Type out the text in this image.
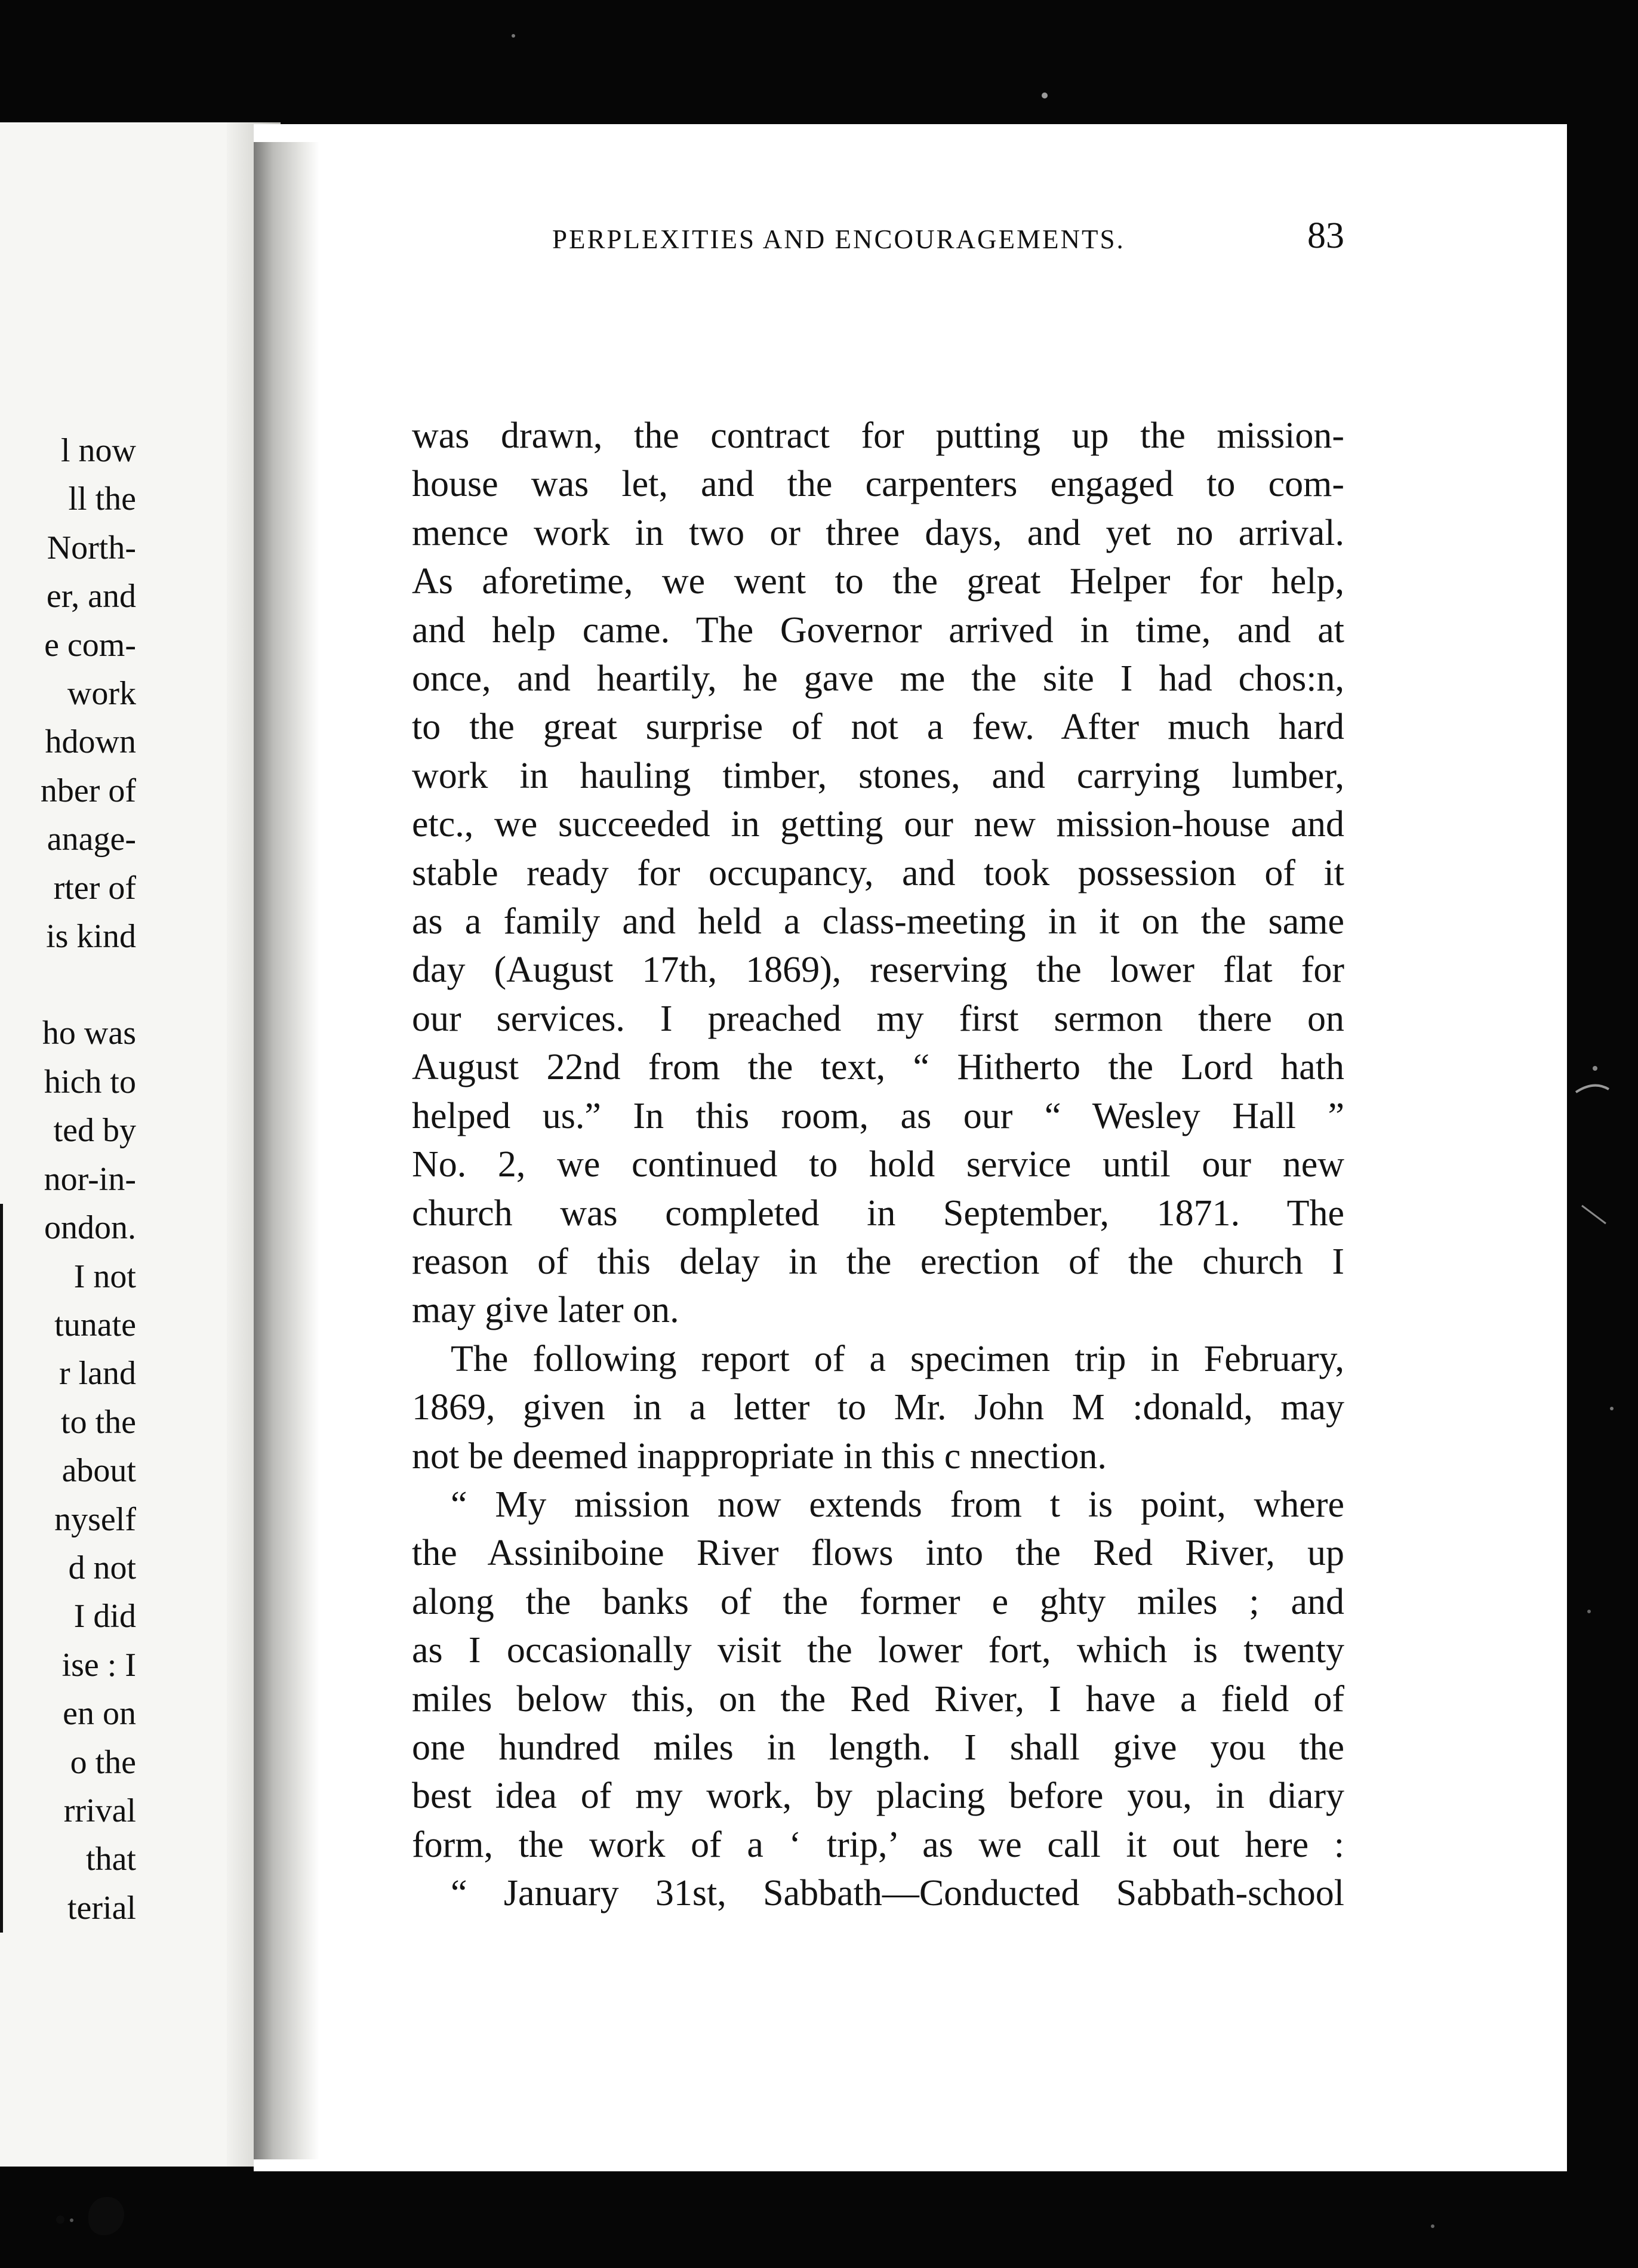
l now
ll the
North-
er, and
e com-
work
hdown
nber of
anage-
rter of
is kind
ho was
hich to
ted by
nor-in-
ondon.
I not
tunate
r land
to the
about
nyself
d not
I did
ise : I
en on
o the
rrival
that
terial
PERPLEXITIES AND ENCOURAGEMENTS.	83
was drawn, the contract for putting up the mission-
house was let, and the carpenters engaged to com-
mence work in two or three days, and yet no arrival.
As aforetime, we went to the great Helper for help,
and help came. The Governor arrived in time, and at
once, and heartily, he gave me the site I had chos:n,
to the great surprise of not a few. After much hard
work in hauling timber, stones, and carrying lumber,
etc., we succeeded in getting our new mission-house and
stable ready for occupancy, and took possession of it
as a family and held a class-meeting in it on the same
day (August 17th, 1869), reserving the lower flat for
our services. I preached my first sermon there on
August 22nd from the text, “ Hitherto the Lord hath
helped us.” In this room, as our “ Wesley Hall ”
No. 2, we continued to hold service until our new
church was completed in September, 1871. The
reason of this delay in the erection of the church I
may give later on.
The following report of a specimen trip in February,
1869, given in a letter to Mr. John M :donald, may
not be deemed inappropriate in this c nnection.
“ My mission now extends from t is point, where
the Assiniboine River flows into the Red River, up
along the banks of the former e ghty miles ; and
as I occasionally visit the lower fort, which is twenty
miles below this, on the Red River, I have a field of
one hundred miles in length. I shall give you the
best idea of my work, by placing before you, in diary
form, the work of a ‘ trip,’ as we call it out here :
“ January 31st, Sabbath—Conducted Sabbath-school
